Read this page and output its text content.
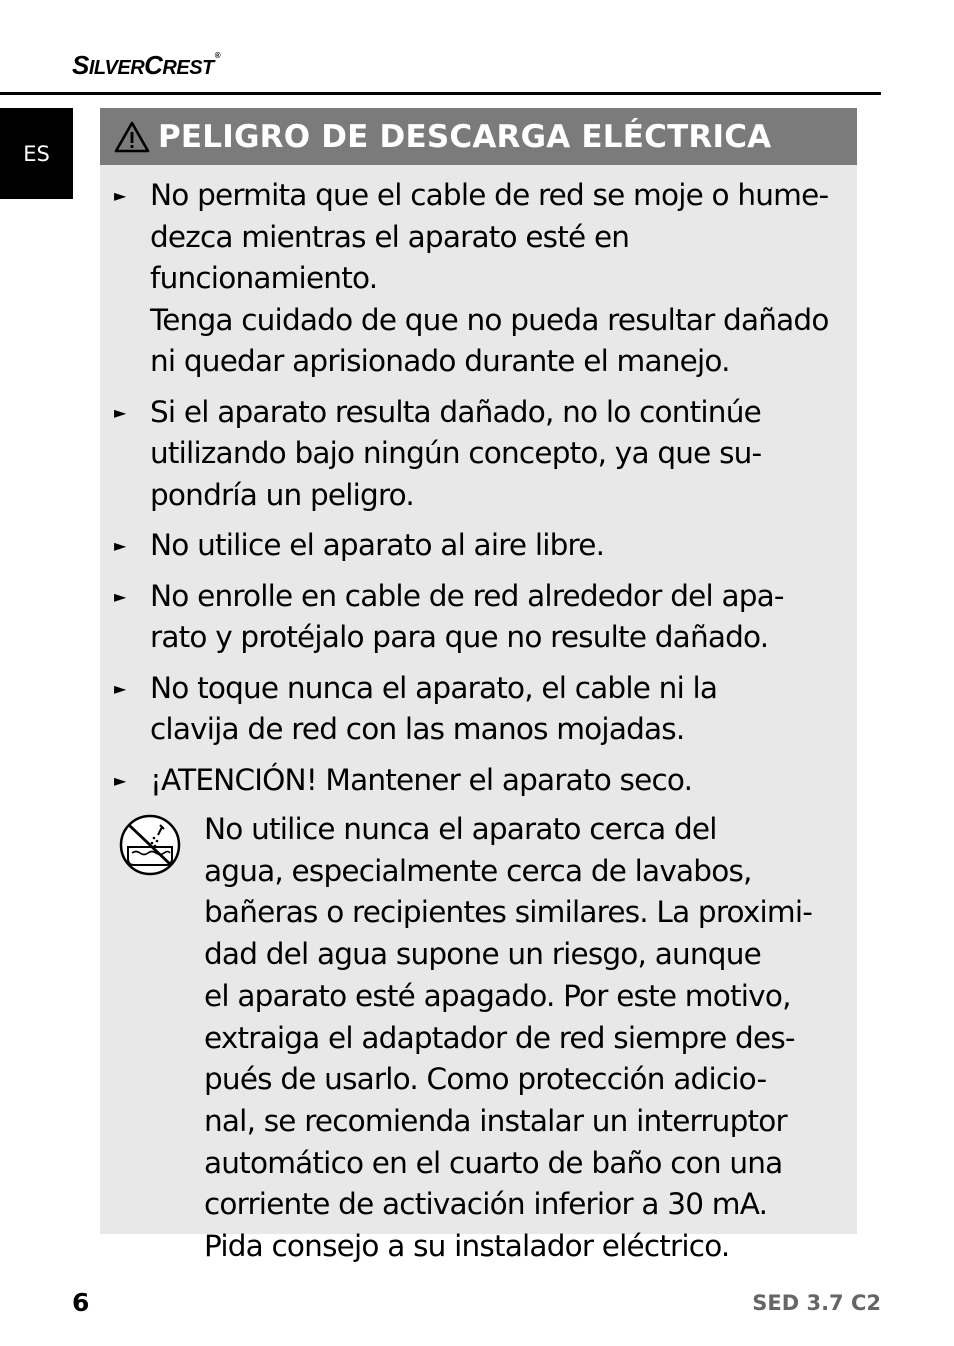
SILVERCREST®
ES	PELIGRO DE DESCARGA ELÉCTRICA
► No permita que el cable de red se moje o hume-
dezca mientras el aparato esté en funcionamiento.
Tenga cuidado de que no pueda resultar dañado
ni quedar aprisionado durante el manejo.
► Si el aparato resulta dañado, no lo continúe
utilizando bajo ningún concepto, ya que su-
pondría un peligro.
► No utilice el aparato al aire libre.
► No enrolle en cable de red alrededor del apa-
rato y protéjalo para que no resulte dañado.
► No toque nunca el aparato, el cable ni la
clavija de red con las manos mojadas.
► ¡ATENCIÓN! Mantener el aparato seco.
No utilice nunca el aparato cerca del
agua, especialmente cerca de lavabos,
bañeras o recipientes similares. La proximi-
dad del agua supone un riesgo, aunque
el aparato esté apagado. Por este motivo,
extraiga el adaptador de red siempre des-
pués de usarlo. Como protección adicio-
nal, se recomienda instalar un interruptor
automático en el cuarto de baño con una
corriente de activación inferior a 30 mA.
Pida consejo a su instalador eléctrico.
6	SED 3.7 C2
